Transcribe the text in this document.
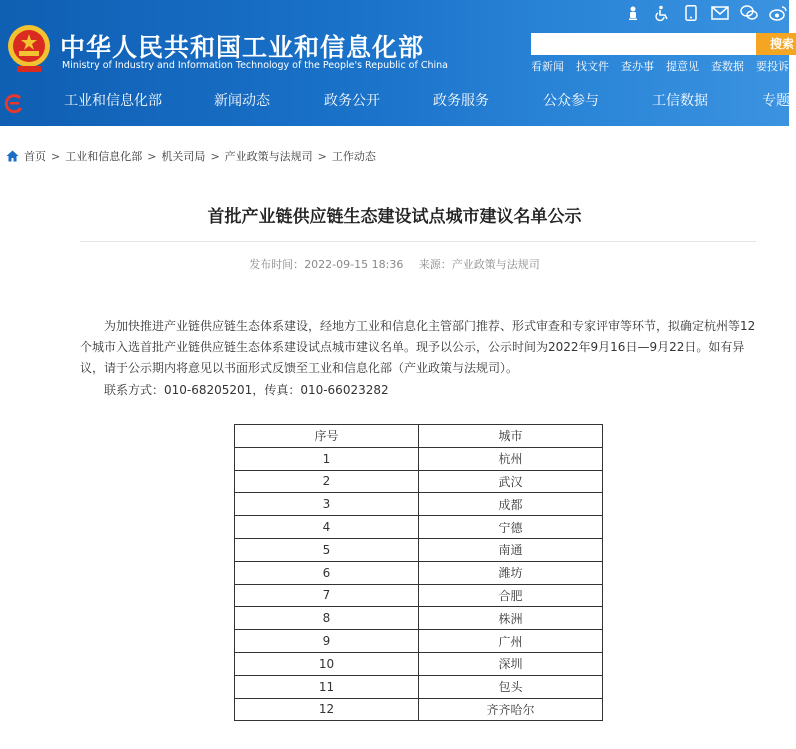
中华人民共和国工业和信息化部
Ministry of Industry and Information Technology of the People's Republic of China
搜索
看新闻 找文件 查办事 提意见 查数据 要投诉
工业和信息化部	新闻动态	政务公开	政务服务	公众参与	工信数据	专题
首页 > 工业和信息化部 > 机关司局 > 产业政策与法规司 > 工作动态
首批产业链供应链生态建设试点城市建议名单公示
发布时间：2022-09-15 18:36 来源：产业政策与法规司

为加快推进产业链供应链生态体系建设，经地方工业和信息化主管部门推荐、形式审查和专家评审等环节，拟确定杭州等12个城市入选首批产业链供应链生态体系建设试点城市建议名单。现予以公示，公示时间为2022年9月16日—9月22日。如有异议，请于公示期内将意见以书面形式反馈至工业和信息化部（产业政策与法规司）。

联系方式：010-68205201，传真：010-66023282

序号	城市
1	杭州
2	武汉
3	成都
4	宁德
5	南通
6	潍坊
7	合肥
8	株洲
9	广州
10	深圳
11	包头
12	齐齐哈尔
